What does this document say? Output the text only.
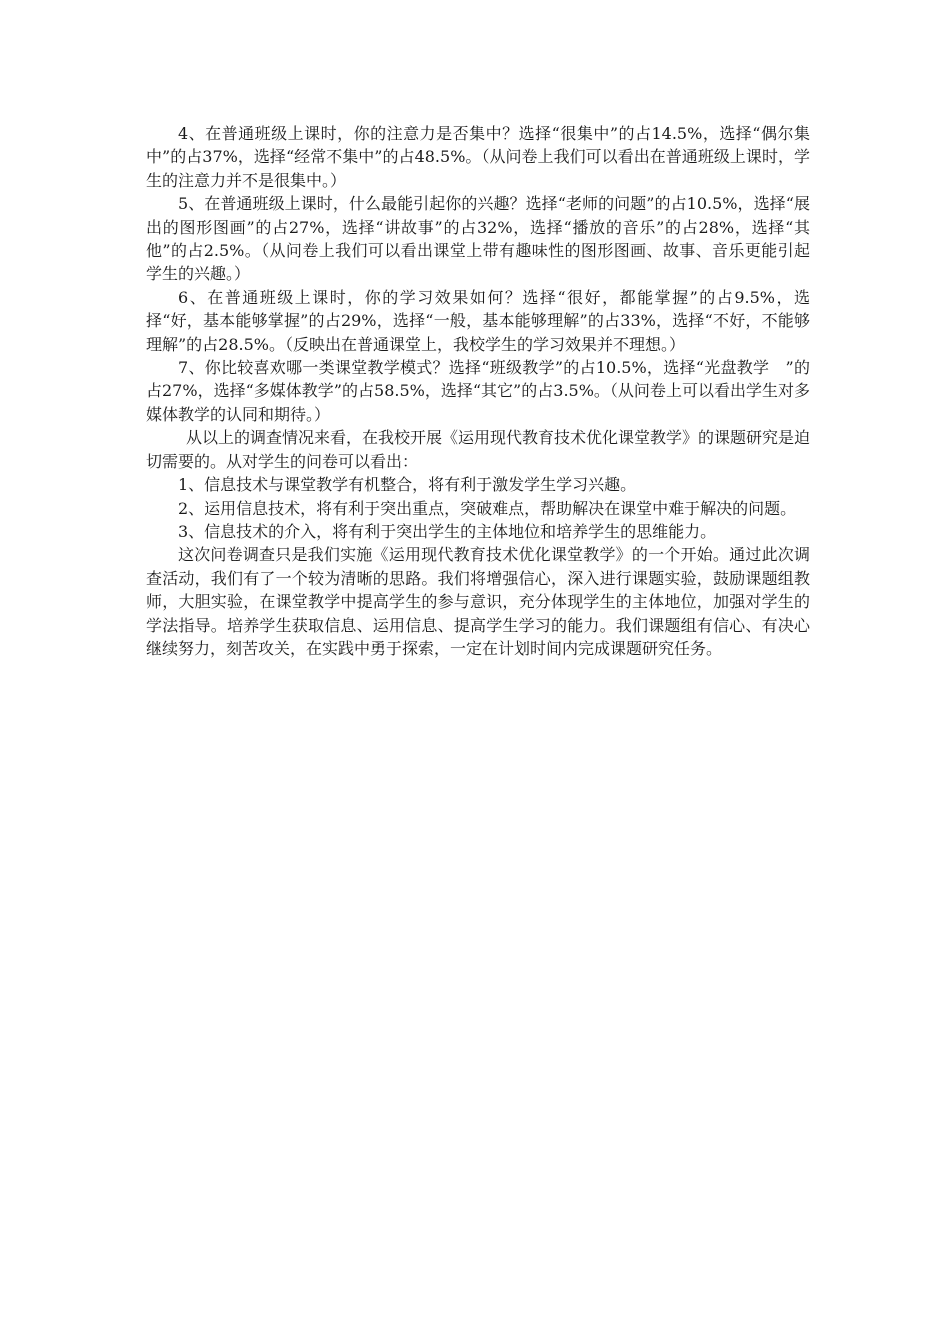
4、在普通班级上课时，你的注意力是否集中？选择“很集中”的占14.5%，选择“偶尔集中”的占37%，选择“经常不集中”的占48.5%。（从问卷上我们可以看出在普通班级上课时，学生的注意力并不是很集中。）

5、在普通班级上课时，什么最能引起你的兴趣？选择“老师的问题”的占10.5%，选择“展出的图形图画”的占27%，选择“讲故事”的占32%，选择“播放的音乐”的占28%，选择“其他”的占2.5%。（从问卷上我们可以看出课堂上带有趣味性的图形图画、故事、音乐更能引起学生的兴趣。）

6、在普通班级上课时，你的学习效果如何？选择“很好，都能掌握”的占9.5%，选择“好，基本能够掌握”的占29%，选择“一般，基本能够理解”的占33%，选择“不好，不能够理解”的占28.5%。（反映出在普通课堂上，我校学生的学习效果并不理想。）

7、你比较喜欢哪一类课堂教学模式？选择“班级教学”的占10.5%，选择“光盘教学　”的占27%，选择“多媒体教学”的占58.5%，选择“其它”的占3.5%。（从问卷上可以看出学生对多媒体教学的认同和期待。）

从以上的调查情况来看，在我校开展《运用现代教育技术优化课堂教学》的课题研究是迫切需要的。从对学生的问卷可以看出：

1、信息技术与课堂教学有机整合，将有利于激发学生学习兴趣。

2、运用信息技术，将有利于突出重点，突破难点，帮助解决在课堂中难于解决的问题。

3、信息技术的介入，将有利于突出学生的主体地位和培养学生的思维能力。

这次问卷调查只是我们实施《运用现代教育技术优化课堂教学》的一个开始。通过此次调查活动，我们有了一个较为清晰的思路。我们将增强信心，深入进行课题实验，鼓励课题组教师，大胆实验，在课堂教学中提高学生的参与意识，充分体现学生的主体地位，加强对学生的学法指导。培养学生获取信息、运用信息、提高学生学习的能力。我们课题组有信心、有决心继续努力，刻苦攻关，在实践中勇于探索，一定在计划时间内完成课题研究任务。
